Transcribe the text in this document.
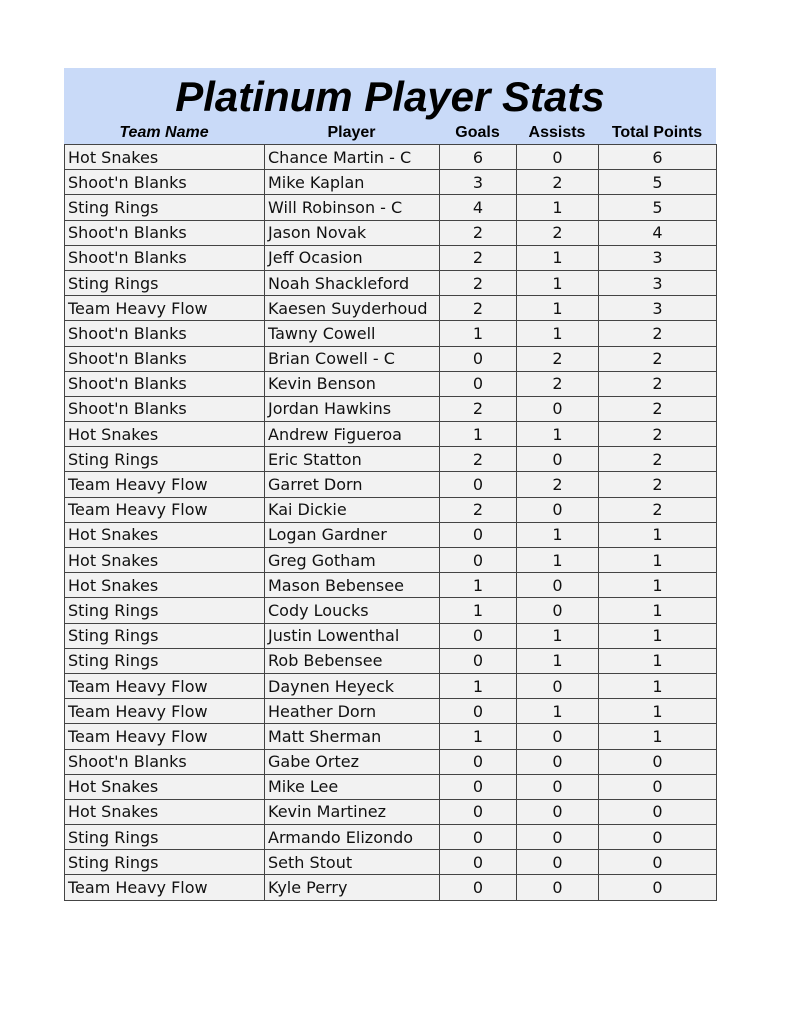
Platinum Player Stats
Team Name	Player	Goals	Assists	Total Points
Hot Snakes	Chance Martin - C	6	0	6
Shoot'n Blanks	Mike Kaplan	3	2	5
Sting Rings	Will Robinson - C	4	1	5
Shoot'n Blanks	Jason Novak	2	2	4
Shoot'n Blanks	Jeff Ocasion	2	1	3
Sting Rings	Noah Shackleford	2	1	3
Team Heavy Flow	Kaesen Suyderhoud	2	1	3
Shoot'n Blanks	Tawny Cowell	1	1	2
Shoot'n Blanks	Brian Cowell - C	0	2	2
Shoot'n Blanks	Kevin Benson	0	2	2
Shoot'n Blanks	Jordan Hawkins	2	0	2
Hot Snakes	Andrew Figueroa	1	1	2
Sting Rings	Eric Statton	2	0	2
Team Heavy Flow	Garret Dorn	0	2	2
Team Heavy Flow	Kai Dickie	2	0	2
Hot Snakes	Logan Gardner	0	1	1
Hot Snakes	Greg Gotham	0	1	1
Hot Snakes	Mason Bebensee	1	0	1
Sting Rings	Cody Loucks	1	0	1
Sting Rings	Justin Lowenthal	0	1	1
Sting Rings	Rob Bebensee	0	1	1
Team Heavy Flow	Daynen Heyeck	1	0	1
Team Heavy Flow	Heather Dorn	0	1	1
Team Heavy Flow	Matt Sherman	1	0	1
Shoot'n Blanks	Gabe Ortez	0	0	0
Hot Snakes	Mike Lee	0	0	0
Hot Snakes	Kevin Martinez	0	0	0
Sting Rings	Armando Elizondo	0	0	0
Sting Rings	Seth Stout	0	0	0
Team Heavy Flow	Kyle Perry	0	0	0
